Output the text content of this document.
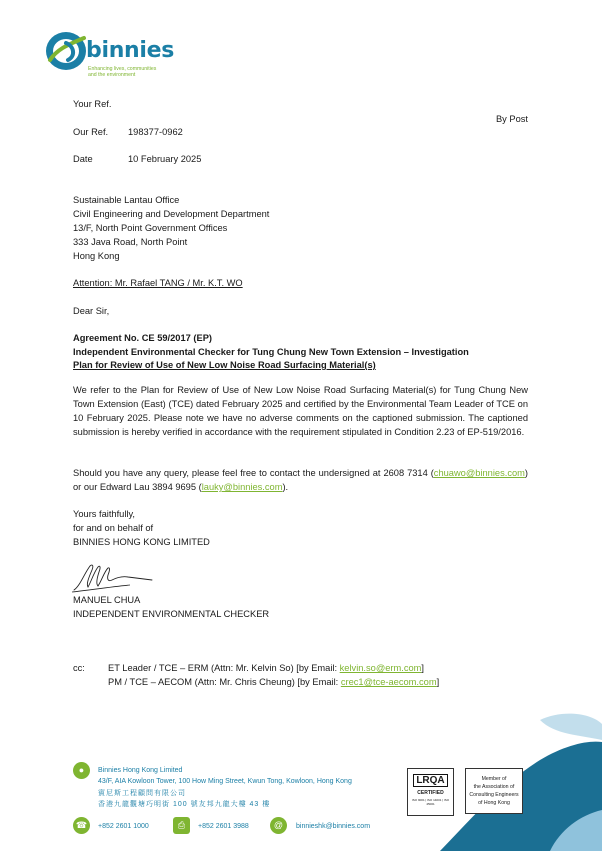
binnies
Enhancing lives, communities
and the environment
By Post
Your Ref.
Our Ref. 198377-0962
Date	10 February 2025
Sustainable Lantau Office
Civil Engineering and Development Department
13/F, North Point Government Offices
333 Java Road, North Point
Hong Kong
Attention: Mr. Rafael TANG / Mr. K.T. WO
Dear Sir,
Agreement No. CE 59/2017 (EP)
Independent Environmental Checker for Tung Chung New Town Extension – Investigation
Plan for Review of Use of New Low Noise Road Surfacing Material(s)
We refer to the Plan for Review of Use of New Low Noise Road Surfacing Material(s) for Tung Chung New Town Extension (East) (TCE) dated February 2025 and certified by the Environmental Team Leader of TCE on 10 February 2025. Please note we have no adverse comments on the captioned submission. The captioned submission is hereby verified in accordance with the requirement stipulated in Condition 2.23 of EP-519/2016.
Should you have any query, please feel free to contact the undersigned at 2608 7314 (chuawo@binnies.com) or our Edward Lau 3894 9695 (lauky@binnies.com).
Yours faithfully,
for and on behalf of
BINNIES HONG KONG LIMITED
MANUEL CHUA
INDEPENDENT ENVIRONMENTAL CHECKER
cc: ET Leader / TCE – ERM (Attn: Mr. Kelvin So) [by Email: kelvin.so@erm.com]
PM / TCE – AECOM (Attn: Mr. Chris Cheung) [by Email: crec1@tce-aecom.com]
●	Binnies Hong Kong Limited
43/F, AIA Kowloon Tower, 100 How Ming Street, Kwun Tong, Kowloon, Hong Kong
賓尼斯工程顧問有限公司
香港九龍觀塘巧明街 100 號友邦九龍大樓 43 樓
☎	+852 2601 1000	⎙	+852 2601 3988	@	binnieshk@binnies.com
LRQA
CERTIFIED
ISO 9001 | ISO 14001 | ISO 45001
Member of
the Association of
Consulting Engineers
of Hong Kong
